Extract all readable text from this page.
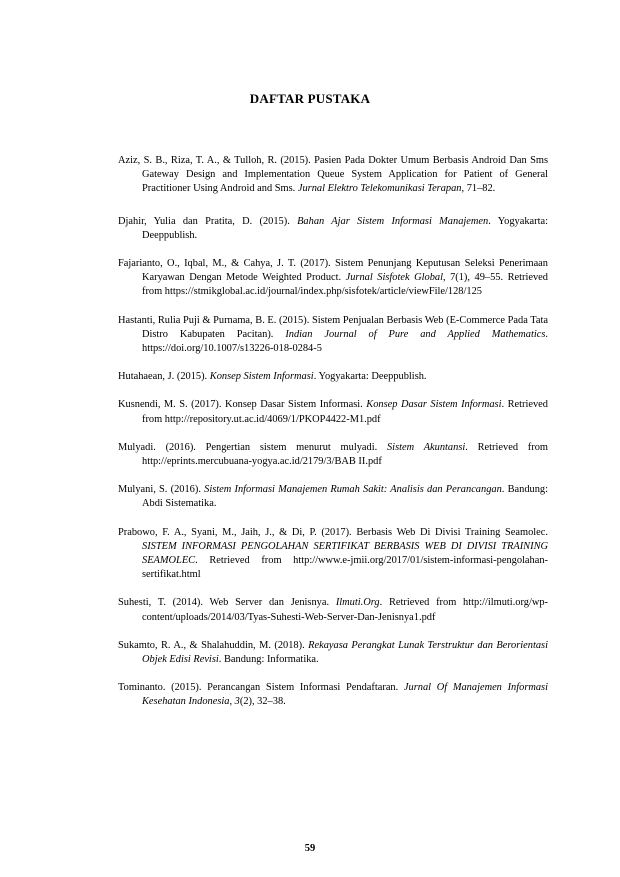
DAFTAR PUSTAKA

Aziz, S. B., Riza, T. A., & Tulloh, R. (2015). Pasien Pada Dokter Umum Berbasis Android Dan Sms Gateway Design and Implementation Queue System Application for Patient of General Practitioner Using Android and Sms. Jurnal Elektro Telekomunikasi Terapan, 71–82.

Djahir, Yulia dan Pratita, D. (2015). Bahan Ajar Sistem Informasi Manajemen. Yogyakarta: Deeppublish.

Fajarianto, O., Iqbal, M., & Cahya, J. T. (2017). Sistem Penunjang Keputusan Seleksi Penerimaan Karyawan Dengan Metode Weighted Product. Jurnal Sisfotek Global, 7(1), 49–55. Retrieved from https://stmikglobal.ac.id/journal/index.php/sisfotek/article/viewFile/128/125

Hastanti, Rulia Puji & Purnama, B. E. (2015). Sistem Penjualan Berbasis Web (E-Commerce Pada Tata Distro Kabupaten Pacitan). Indian Journal of Pure and Applied Mathematics. https://doi.org/10.1007/s13226-018-0284-5

Hutahaean, J. (2015). Konsep Sistem Informasi. Yogyakarta: Deeppublish.

Kusnendi, M. S. (2017). Konsep Dasar Sistem Informasi. Konsep Dasar Sistem Informasi. Retrieved from http://repository.ut.ac.id/4069/1/PKOP4422-M1.pdf

Mulyadi. (2016). Pengertian sistem menurut mulyadi. Sistem Akuntansi. Retrieved from http://eprints.mercubuana-yogya.ac.id/2179/3/BAB II.pdf

Mulyani, S. (2016). Sistem Informasi Manajemen Rumah Sakit: Analisis dan Perancangan. Bandung: Abdi Sistematika.

Prabowo, F. A., Syani, M., Jaih, J., & Di, P. (2017). Berbasis Web Di Divisi Training Seamolec. SISTEM INFORMASI PENGOLAHAN SERTIFIKAT BERBASIS WEB DI DIVISI TRAINING SEAMOLEC. Retrieved from http://www.e-jmii.org/2017/01/sistem-informasi-pengolahan-sertifikat.html

Suhesti, T. (2014). Web Server dan Jenisnya. Ilmuti.Org. Retrieved from http://ilmuti.org/wp-content/uploads/2014/03/Tyas-Suhesti-Web-Server-Dan-Jenisnya1.pdf

Sukamto, R. A., & Shalahuddin, M. (2018). Rekayasa Perangkat Lunak Terstruktur dan Berorientasi Objek Edisi Revisi. Bandung: Informatika.

Tominanto. (2015). Perancangan Sistem Informasi Pendaftaran. Jurnal Of Manajemen Informasi Kesehatan Indonesia, 3(2), 32–38.

59
